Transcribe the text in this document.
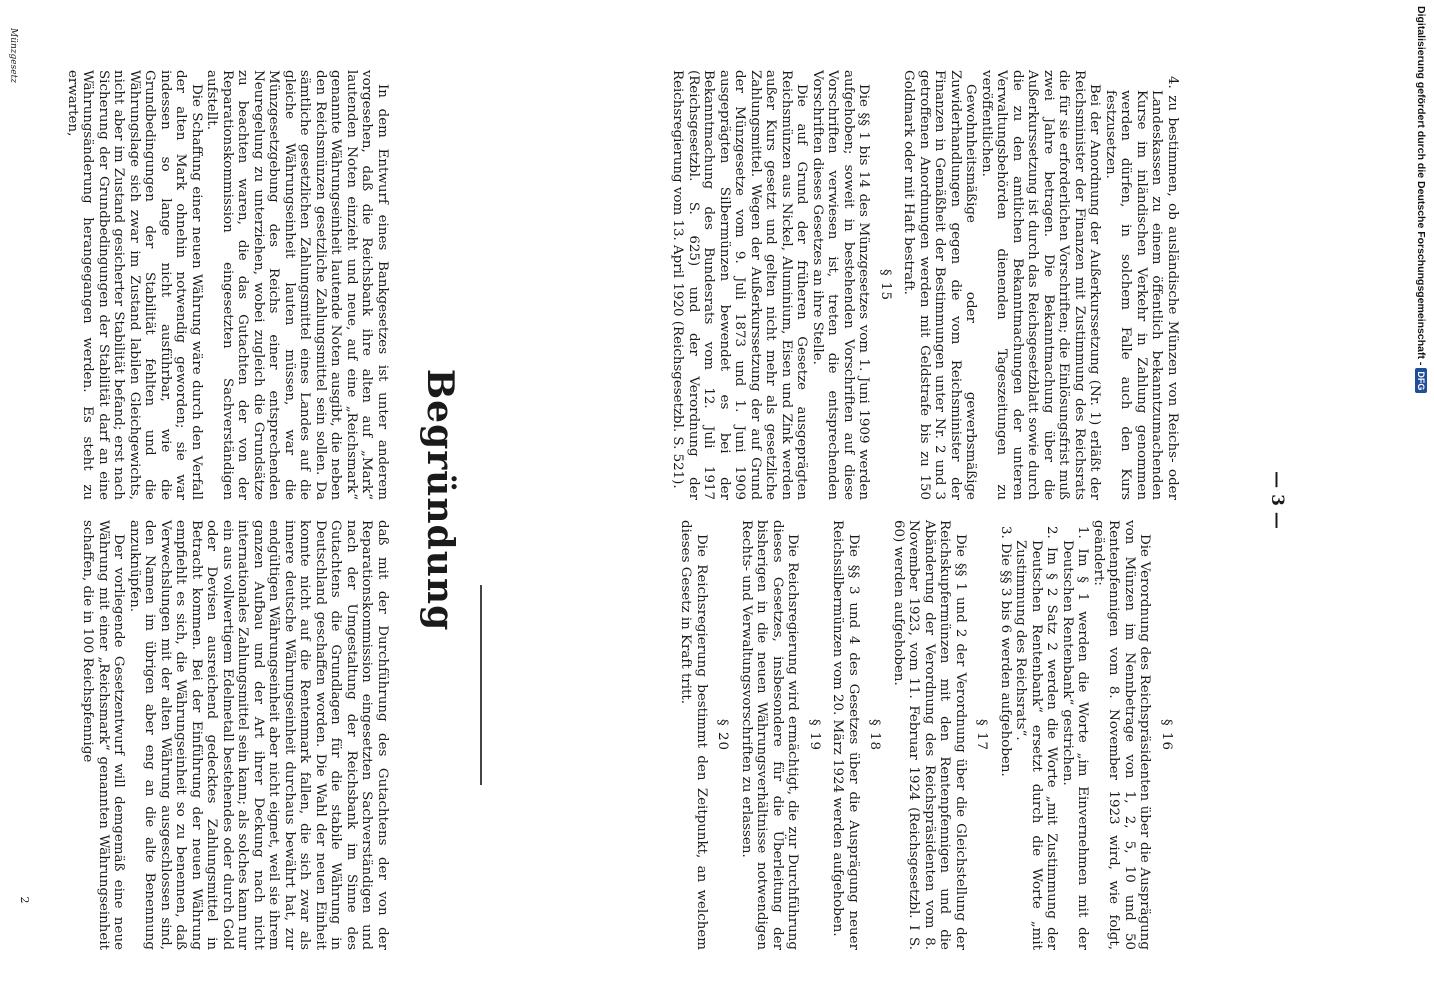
— 3 —

4. zu bestimmen, ob ausländische Münzen von Reichs- oder Landeskassen zu einem öffentlich bekanntzumachenden Kurse im inländischen Verkehr in Zahlung genommen werden dürfen, in solchem Falle auch den Kurs festzusetzen.

Bei der Anordnung der Außerkurssetzung (Nr. 1) erläßt der Reichsminister der Finanzen mit Zustimmung des Reichsrats die für sie erforderlichen Vorschriften; die Einlösungsfrist muß zwei Jahre betragen. Die Bekanntmachung über die Außerkurssetzung ist durch das Reichsgesetzblatt sowie durch die zu den amtlichen Bekanntmachungen der unteren Verwaltungsbehörden dienenden Tageszeitungen zu veröffentlichen.

Gewohnheitsmäßige oder gewerbsmäßige Zuwiderhandlungen gegen die vom Reichsminister der Finanzen in Gemäßheit der Bestimmungen unter Nr. 2 und 3 getroffenen Anordnungen werden mit Geldstrafe bis zu 150 Goldmark oder mit Haft bestraft.

§ 15

Die §§ 1 bis 14 des Münzgesetzes vom 1. Juni 1909 werden aufgehoben; soweit in bestehenden Vorschriften auf diese Vorschriften verwiesen ist, treten die entsprechenden Vorschriften dieses Gesetzes an ihre Stelle.

Die auf Grund der früheren Gesetze ausgeprägten Reichsmünzen aus Nickel, Aluminium, Eisen und Zink werden außer Kurs gesetzt und gelten nicht mehr als gesetzliche Zahlungsmittel. Wegen der Außerkurssetzung der auf Grund der Münzgesetze vom 9. Juli 1873 und 1. Juni 1909 ausgeprägten Silbermünzen bewendet es bei der Bekanntmachung des Bundesrats vom 12. Juli 1917 (Reichsgesetzbl. S. 625) und der Verordnung der Reichsregierung vom 13. April 1920 (Reichsgesetzbl. S. 521).

§ 16

Die Verordnung des Reichspräsidenten über die Ausprägung von Münzen im Nennbetrage von 1, 2, 5, 10 und 50 Rentenpfennigen vom 8. November 1923 wird, wie folgt, geändert:

1. Im § 1 werden die Worte „im Einvernehmen mit der Deutschen Rentenbank“ gestrichen.

2. Im § 2 Satz 2 werden die Worte „mit Zustimmung der Deutschen Rentenbank“ ersetzt durch die Worte „mit Zustimmung des Reichsrats“.

3. Die §§ 3 bis 6 werden aufgehoben.

§ 17

Die §§ 1 und 2 der Verordnung über die Gleichstellung der Reichskupfermünzen mit den Rentenpfennigen und die Abänderung der Verordnung des Reichspräsidenten vom 8. November 1923, vom 11. Februar 1924 (Reichsgesetzbl. I S. 60) werden aufgehoben.

§ 18

Die §§ 3 und 4 des Gesetzes über die Ausprägung neuer Reichssilbermünzen vom 20. März 1924 werden aufgehoben.

§ 19

Die Reichsregierung wird ermächtigt, die zur Durchführung dieses Gesetzes, insbesondere für die Überleitung der bisherigen in die neuen Währungsverhältnisse notwendigen Rechts- und Verwaltungsvorschriften zu erlassen.

§ 20

Die Reichsregierung bestimmt den Zeitpunkt, an welchem dieses Gesetz in Kraft tritt.

Begründung

In dem Entwurf eines Bankgesetzes ist unter anderem vorgesehen, daß die Reichsbank ihre alten auf „Mark“ lautenden Noten einzieht und neue, auf eine „Reichsmark“ genannte Währungseinheit lautende Noten ausgibt, die neben den Reichsmünzen gesetzliche Zahlungsmittel sein sollen. Da sämtliche gesetzlichen Zahlungsmittel eines Landes auf die gleiche Währungseinheit lauten müssen, war die Münzgesetzgebung des Reichs einer entsprechenden Neuregelung zu unterziehen, wobei zugleich die Grundsätze zu beachten waren, die das Gutachten der von der Reparationskommission eingesetzten Sachverständigen aufstellt.

Die Schaffung einer neuen Währung wäre durch den Verfall der alten Mark ohnehin notwendig geworden; sie war indessen so lange nicht ausführbar, wie die Grundbedingungen der Stabilität fehlten und die Währungslage sich zwar im Zustand labilen Gleichgewichts, nicht aber im Zustand gesicherter Stabilität befand; erst nach Sicherung der Grundbedingungen der Stabilität darf an eine Währungsänderung herangegangen werden. Es steht zu erwarten,

daß mit der Durchführung des Gutachtens der von der Reparationskommission eingesetzten Sachverständigen und nach der Umgestaltung der Reichsbank im Sinne des Gutachtens die Grundlagen für die stabile Währung in Deutschland geschaffen worden. Die Wahl der neuen Einheit konnte nicht auf die Rentenmark fallen, die sich zwar als innere deutsche Währungseinheit durchaus bewährt hat, zur endgültigen Währungseinheit aber nicht eignet, weil sie ihrem ganzen Aufbau und der Art ihrer Deckung nach nicht internationales Zahlungsmittel sein kann; als solches kann nur ein aus vollwertigem Edelmetall bestehendes oder durch Gold oder Devisen ausreichend gedecktes Zahlungsmittel in Betracht kommen. Bei der Einführung der neuen Währung empfiehlt es sich, die Währungseinheit so zu benennen, daß Verwechslungen mit der alten Währung ausgeschlossen sind, den Namen im übrigen aber eng an die alte Benennung anzuknüpfen.

Der vorliegende Gesetzentwurf will demgemäß eine neue Währung mit einer „Reichsmark“ genannten Währungseinheit schaffen, die in 100 Reichspfennige

Münzgesetz
2
Digitalisierung gefördert durch die Deutsche Forschungsgemeinschaft -DFG
